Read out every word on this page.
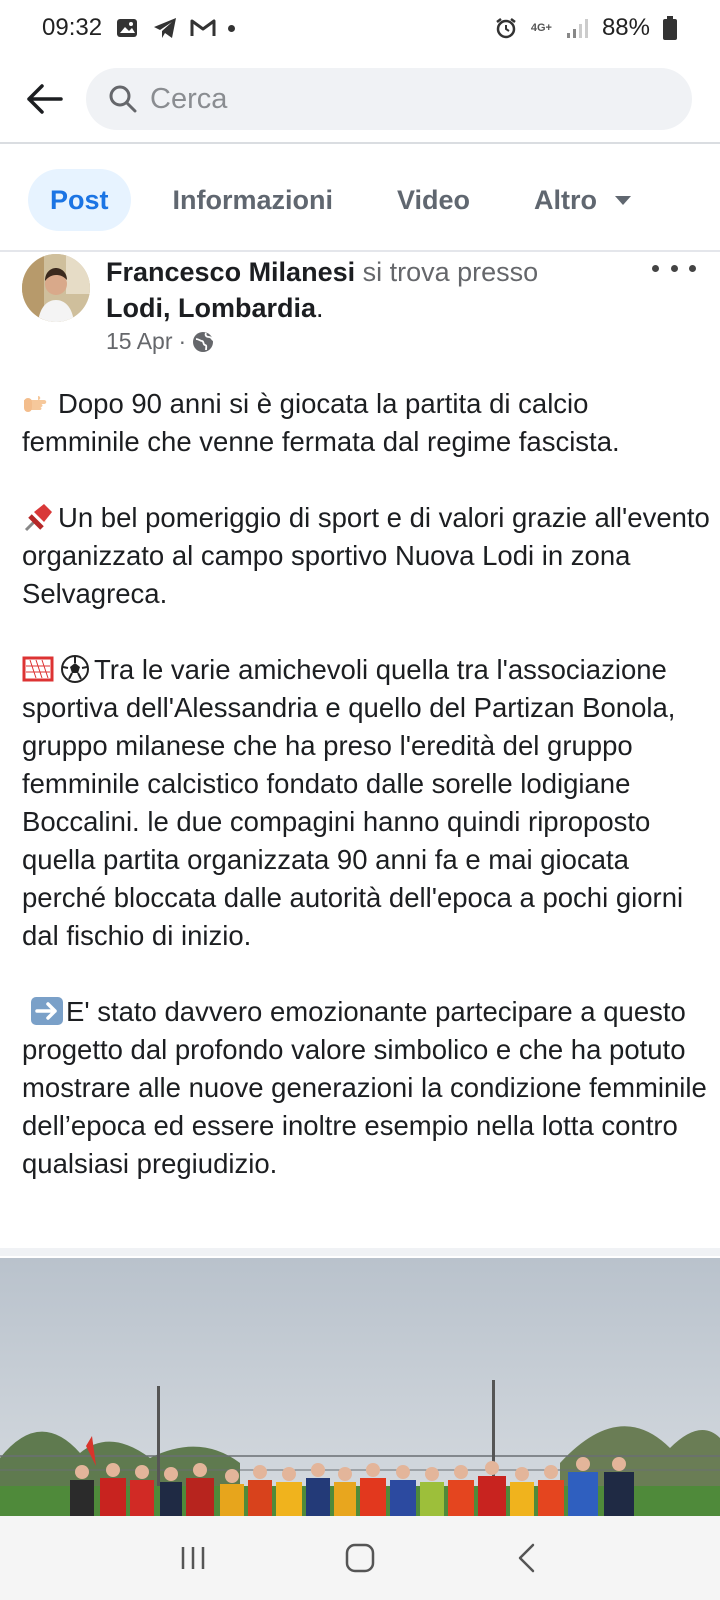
09:32	4G+ 88%
Cerca
Post Informazioni Video Altro
Francesco Milanesi si trova presso
Lodi, Lombardia.
15 Apr ·

Dopo 90 anni si è giocata la partita di calcio femminile che venne fermata dal regime fascista.

Un bel pomeriggio di sport e di valori grazie all'evento organizzato al campo sportivo Nuova Lodi in zona Selvagreca.

Tra le varie amichevoli quella tra l'associazione sportiva dell'Alessandria e quello del Partizan Bonola, gruppo milanese che ha preso l'eredità del gruppo femminile calcistico fondato dalle sorelle lodigiane Boccalini. le due compagini hanno quindi riproposto quella partita organizzata 90 anni fa e mai giocata perché bloccata dalle autorità dell'epoca a pochi giorni dal fischio di inizio.

E' stato davvero emozionante partecipare a questo progetto dal profondo valore simbolico e che ha potuto mostrare alle nuove generazioni la condizione femminile dell’epoca ed essere inoltre esempio nella lotta contro qualsiasi pregiudizio.
